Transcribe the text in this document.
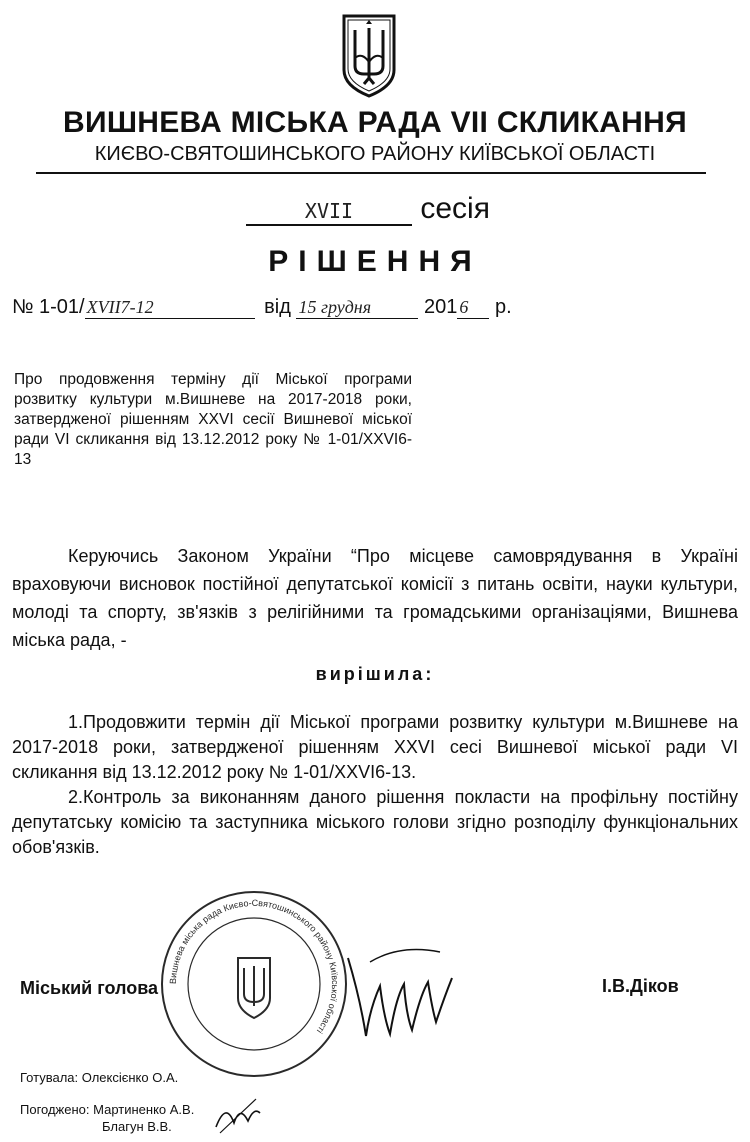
ВИШНЕВА МІСЬКА РАДА VII СКЛИКАННЯ
КИЄВО-СВЯТОШИНСЬКОГО РАЙОНУ КИЇВСЬКОЇ ОБЛАСТІ
XVII сесія
РІШЕННЯ
№ 1-01/ XVII7-12	від 15 грудня	201 6 р.

Про продовження терміну дії Міської програми розвитку культури м.Вишневе на 2017-2018 роки, затвердженої рішенням XXVI сесії Вишневої міської ради VI скликання від 13.12.2012 року № 1-01/XXVI6-13

Керуючись Законом України “Про місцеве самоврядування в Україні враховуючи висновок постійної депутатської комісії з питань освіти, науки культури, молоді та спорту, зв'язків з релігійними та громадськими організаціями, Вишнева міська рада, -

вирішила:

1.Продовжити термін дії Міської програми розвитку культури м.Вишневе на 2017-2018 роки, затвердженої рішенням XXVI сесі Вишневої міської ради VI скликання від 13.12.2012 року № 1-01/XXVI6-13.

2.Контроль за виконанням даного рішення покласти на профільну постійну депутатську комісію та заступника міського голови згідно розподілу функціональних обов'язків.

Вишнева міська рада Києво-Святошинського району Київської області
Міський голова	І.В.Діков
Готувала: Олексієнко О.А.
Погоджено: Мартиненко А.В.
Благун В.В.
